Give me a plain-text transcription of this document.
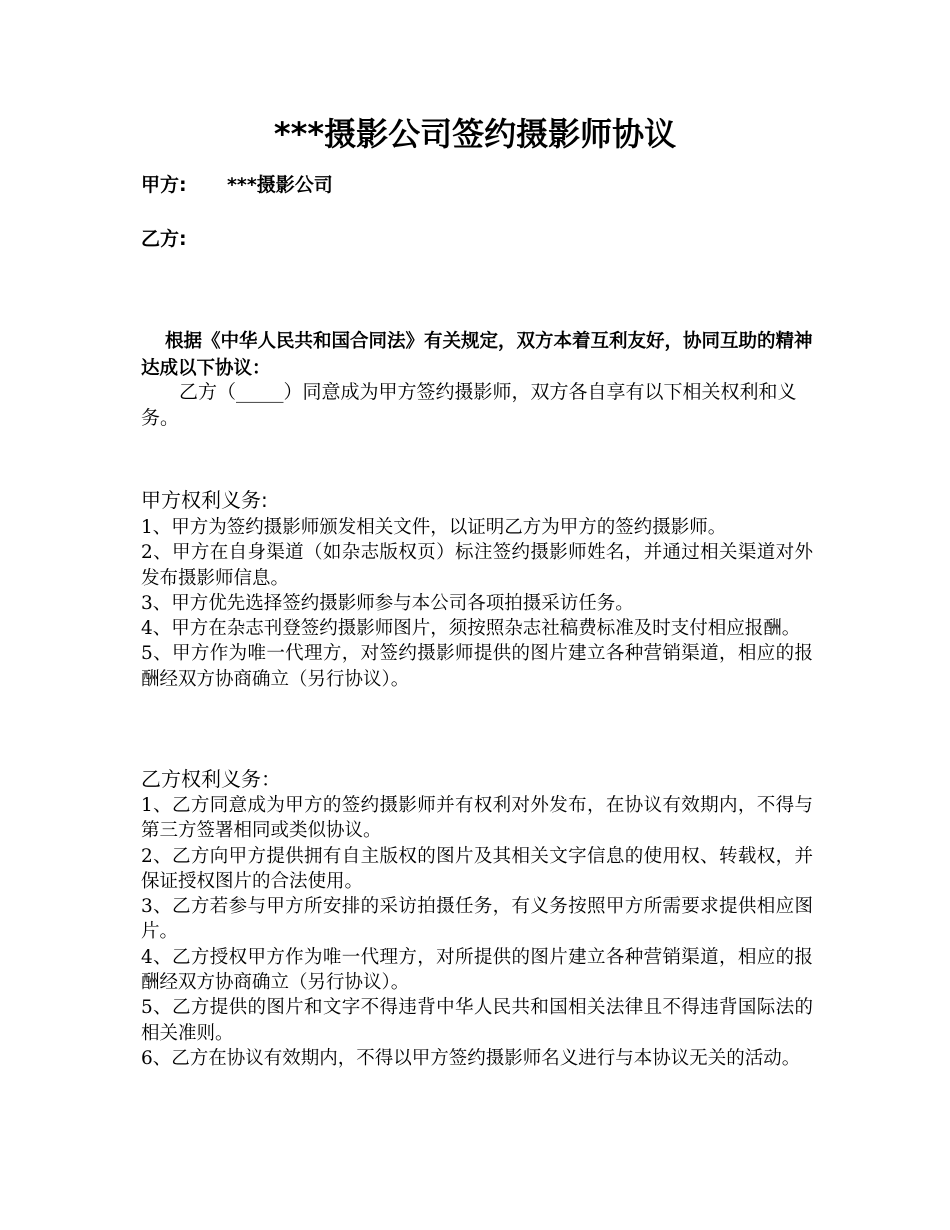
***摄影公司签约摄影师协议
甲方: ***摄影公司
乙方:
根据《中华人民共和国合同法》有关规定，双方本着互利友好，协同互助的精神达成以下协议：
乙方（_____）同意成为甲方签约摄影师，双方各自享有以下相关权利和义务。
甲方权利义务:
1、甲方为签约摄影师颁发相关文件，以证明乙方为甲方的签约摄影师。
2、甲方在自身渠道（如杂志版权页）标注签约摄影师姓名，并通过相关渠道对外发布摄影师信息。
3、甲方优先选择签约摄影师参与本公司各项拍摄采访任务。
4、甲方在杂志刊登签约摄影师图片，须按照杂志社稿费标准及时支付相应报酬。
5、甲方作为唯一代理方，对签约摄影师提供的图片建立各种营销渠道，相应的报酬经双方协商确立（另行协议）。
乙方权利义务：
1、乙方同意成为甲方的签约摄影师并有权利对外发布，在协议有效期内，不得与第三方签署相同或类似协议。
2、乙方向甲方提供拥有自主版权的图片及其相关文字信息的使用权、转载权，并保证授权图片的合法使用。
3、乙方若参与甲方所安排的采访拍摄任务，有义务按照甲方所需要求提供相应图片。
4、乙方授权甲方作为唯一代理方，对所提供的图片建立各种营销渠道，相应的报酬经双方协商确立（另行协议）。
5、乙方提供的图片和文字不得违背中华人民共和国相关法律且不得违背国际法的相关准则。
6、乙方在协议有效期内，不得以甲方签约摄影师名义进行与本协议无关的活动。
